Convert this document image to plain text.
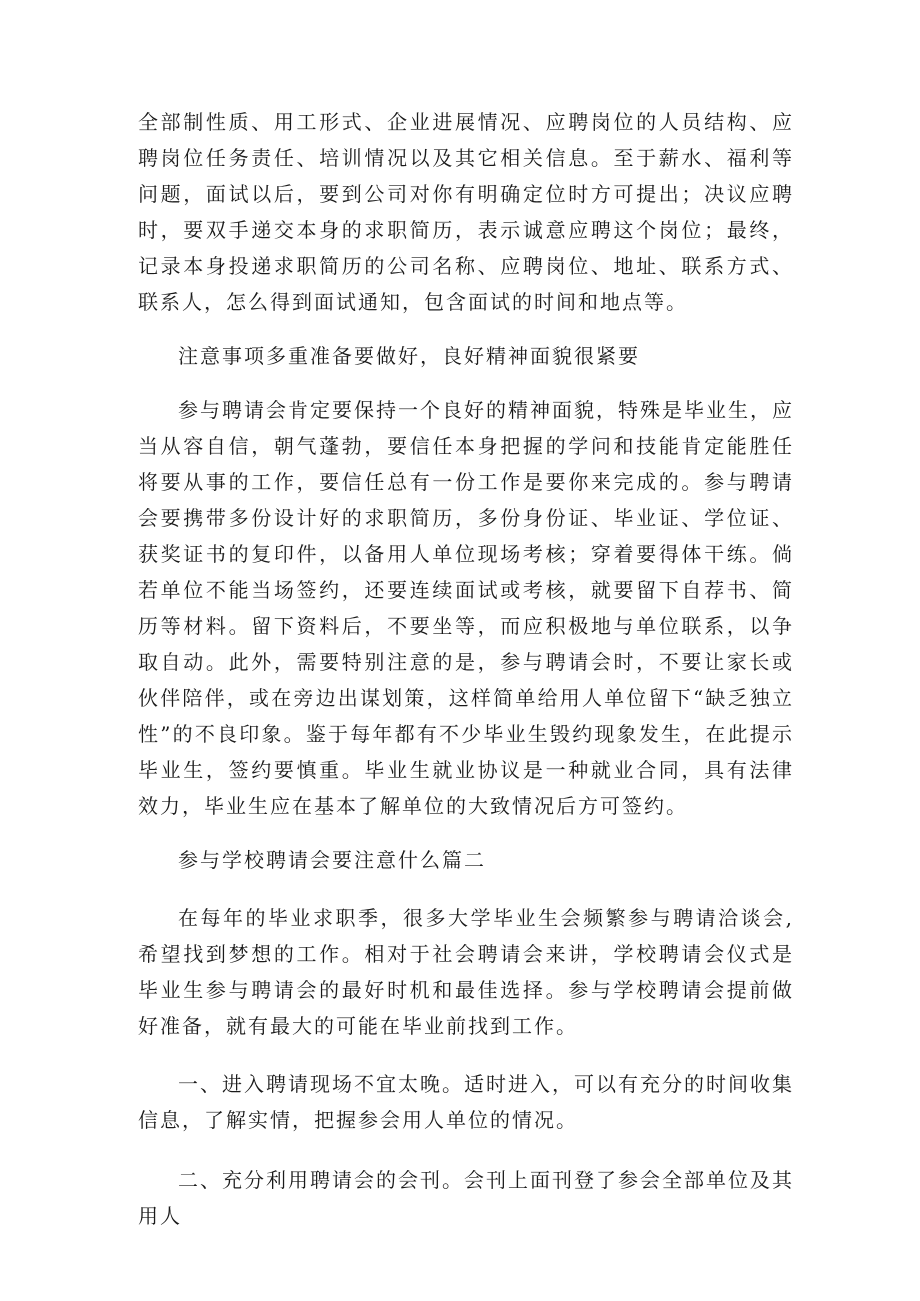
全部制性质、用工形式、企业进展情况、应聘岗位的人员结构、应聘岗位任务责任、培训情况以及其它相关信息。至于薪水、福利等问题，面试以后，要到公司对你有明确定位时方可提出；决议应聘时，要双手递交本身的求职简历，表示诚意应聘这个岗位；最终，记录本身投递求职简历的公司名称、应聘岗位、地址、联系方式、联系人，怎么得到面试通知，包含面试的时间和地点等。

注意事项多重准备要做好，良好精神面貌很紧要

参与聘请会肯定要保持一个良好的精神面貌，特殊是毕业生，应当从容自信，朝气蓬勃，要信任本身把握的学问和技能肯定能胜任将要从事的工作，要信任总有一份工作是要你来完成的。参与聘请会要携带多份设计好的求职简历，多份身份证、毕业证、学位证、获奖证书的复印件，以备用人单位现场考核；穿着要得体干练。倘若单位不能当场签约，还要连续面试或考核，就要留下自荐书、简历等材料。留下资料后，不要坐等，而应积极地与单位联系，以争取自动。此外，需要特别注意的是，参与聘请会时，不要让家长或伙伴陪伴，或在旁边出谋划策，这样简单给用人单位留下“缺乏独立性”的不良印象。鉴于每年都有不少毕业生毁约现象发生，在此提示毕业生，签约要慎重。毕业生就业协议是一种就业合同，具有法律效力，毕业生应在基本了解单位的大致情况后方可签约。

参与学校聘请会要注意什么篇二

在每年的毕业求职季，很多大学毕业生会频繁参与聘请洽谈会,希望找到梦想的工作。相对于社会聘请会来讲，学校聘请会仪式是毕业生参与聘请会的最好时机和最佳选择。参与学校聘请会提前做好准备，就有最大的可能在毕业前找到工作。

一、进入聘请现场不宜太晚。适时进入，可以有充分的时间收集信息，了解实情，把握参会用人单位的情况。

二、充分利用聘请会的会刊。会刊上面刊登了参会全部单位及其用人
